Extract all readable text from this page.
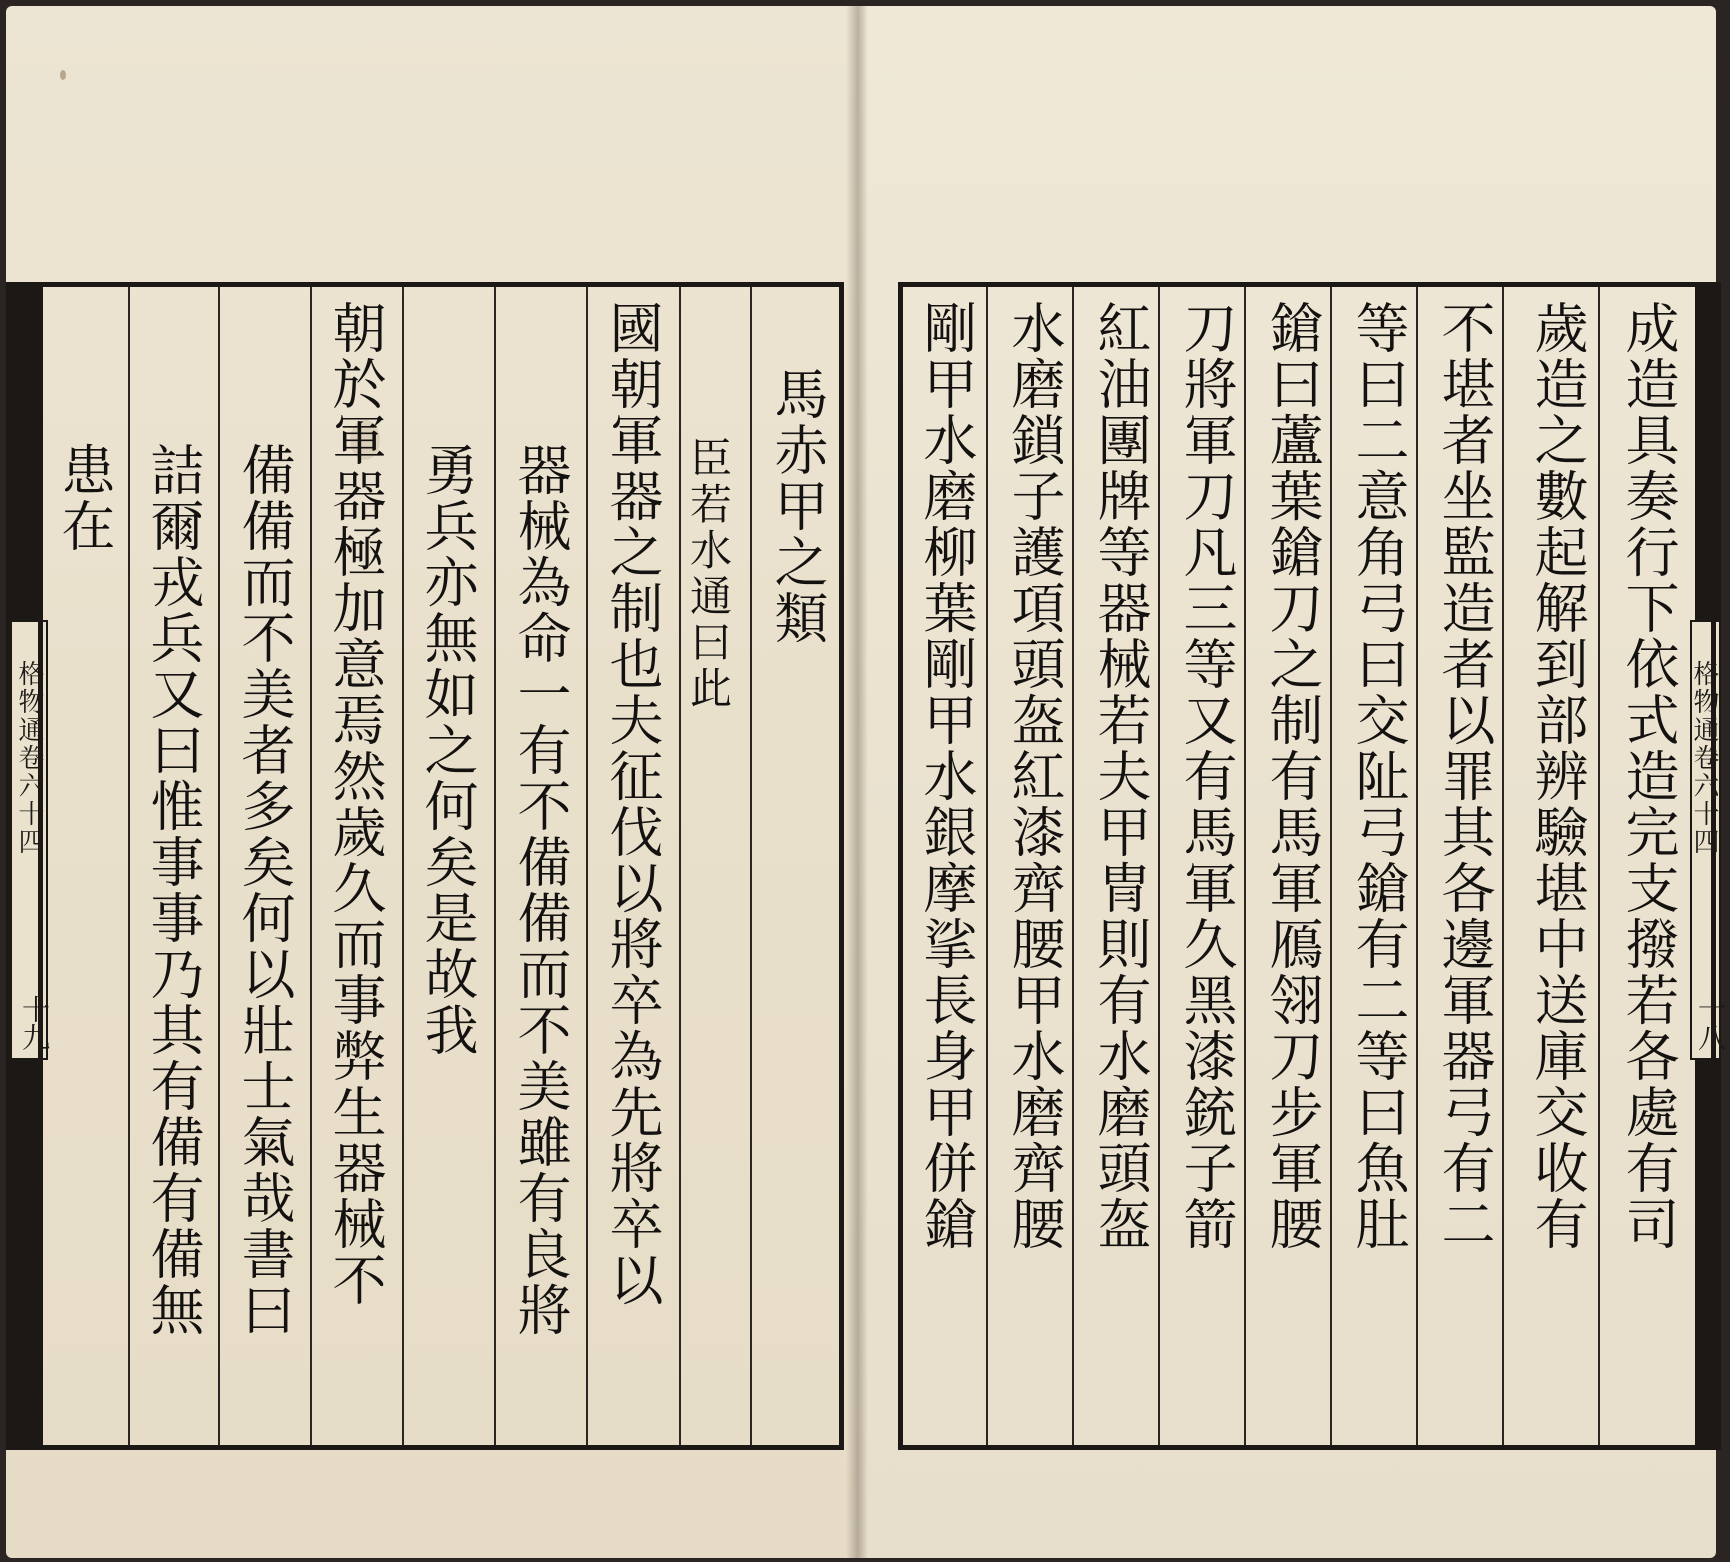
格物通卷六十四	格物通卷六十四
十九	十八
馬赤甲之類
臣若水通曰此
國朝軍器之制也夫征伐以將卒為先將卒以
器械為命一有不備備而不美雖有良將
勇兵亦無如之何矣是故我
朝於軍器極加意焉然歲久而事弊生器械不
備備而不美者多矣何以壯士氣哉書曰
詰爾戎兵又曰惟事事乃其有備有備無
患在	成造具奏行下依式造完支撥若各處有司
歲造之數起解到部辨驗堪中送庫交收有
不堪者坐監造者以罪其各邊軍器弓有二
等曰二意角弓曰交阯弓鎗有二等曰魚肚
鎗曰蘆葉鎗刀之制有馬軍鴈翎刀步軍腰
刀將軍刀凡三等又有馬軍久黑漆銃子箭
紅油團牌等器械若夫甲冑則有水磨頭盔
水磨鎖子護項頭盔紅漆齊腰甲水磨齊腰
剛甲水磨柳葉剛甲水銀摩挲長身甲併鎗
